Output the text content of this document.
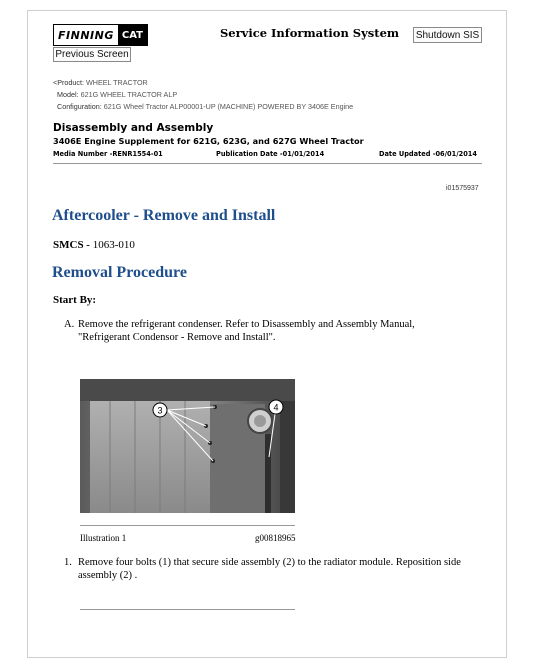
FINNING CAT	Service Information System Shutdown SIS
Previous Screen
<Product: WHEEL TRACTOR
Model: 621G WHEEL TRACTOR ALP
Configuration: 621G Wheel Tractor ALP00001-UP (MACHINE) POWERED BY 3406E Engine
Disassembly and Assembly
3406E Engine Supplement for 621G, 623G, and 627G Wheel Tractor
Media Number -RENR1554-01	Publication Date -01/01/2014	Date Updated -06/01/2014
i01575937
Aftercooler - Remove and Install
SMCS - 1063-010
Removal Procedure
Start By:
A. Remove the refrigerant condenser. Refer to Disassembly and Assembly Manual, "Refrigerant Condensor - Remove and Install".
3	4
Illustration 1	g00818965
1. Remove four bolts (1) that secure side assembly (2) to the radiator module. Reposition side assembly (2) .
